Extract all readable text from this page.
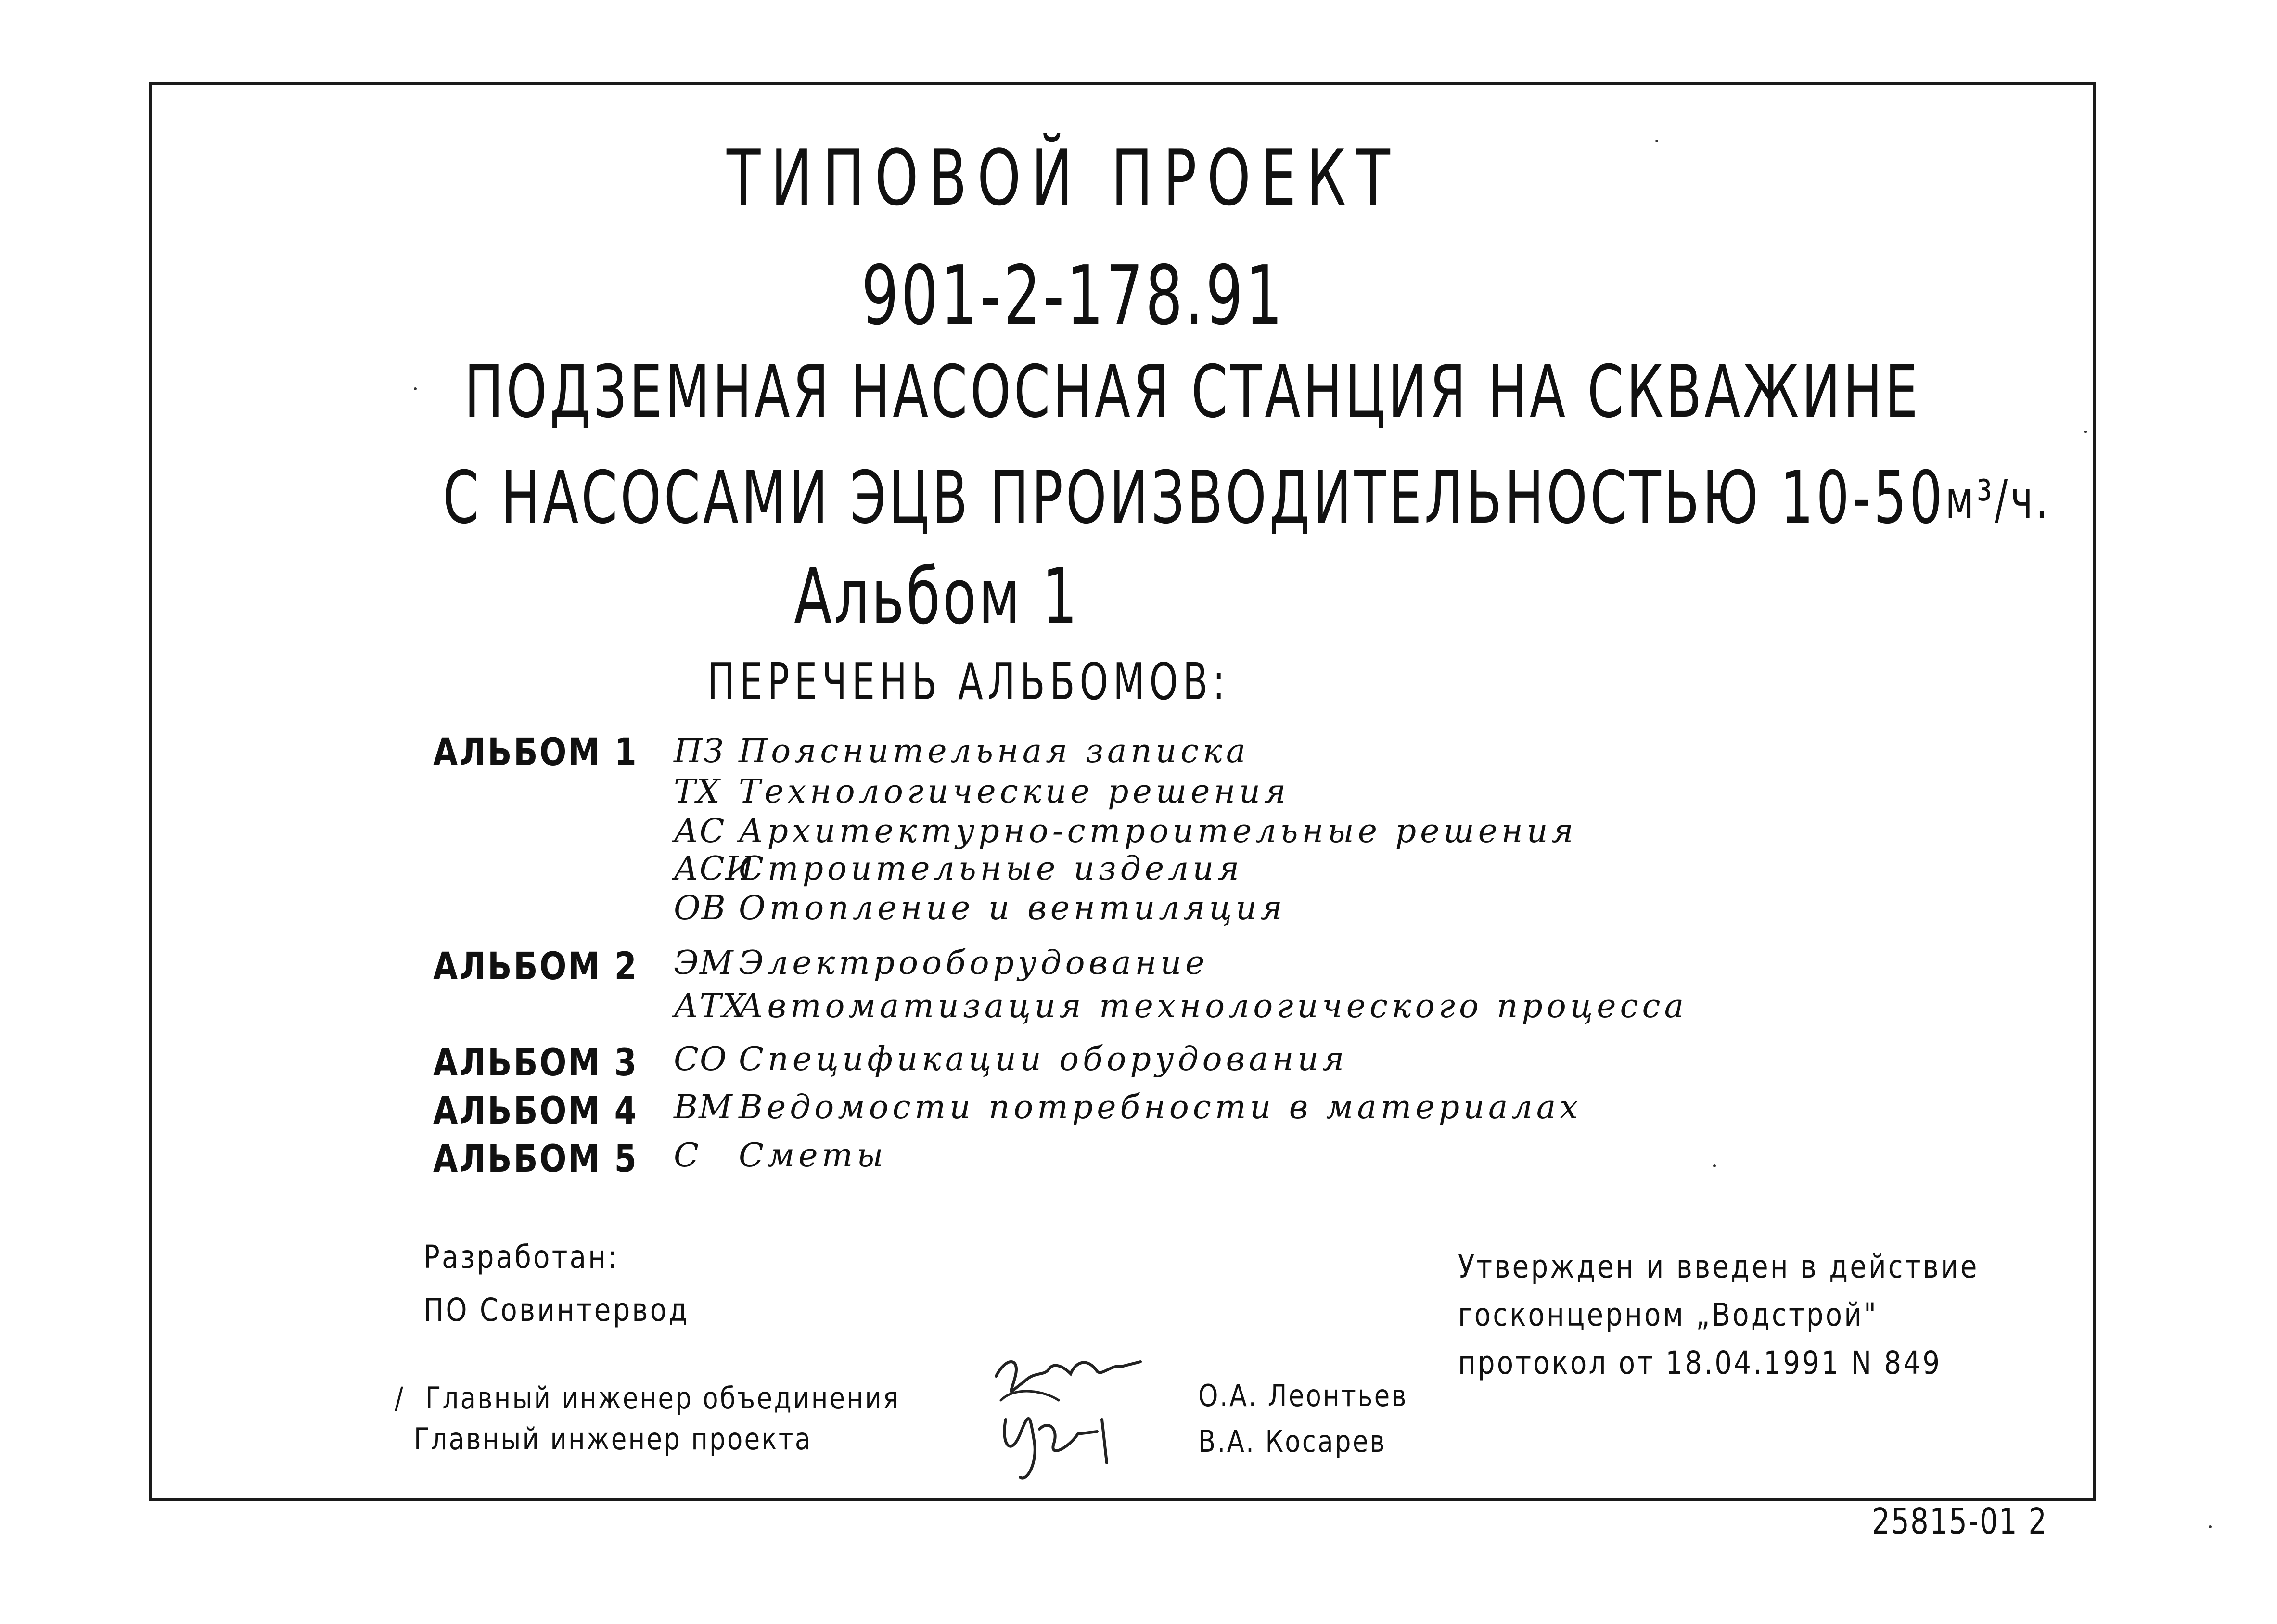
ТИПОВОЙ ПРОЕКТ
901-2-178.91
ПОДЗЕМНАЯ НАСОСНАЯ СТАНЦИЯ НА СКВАЖИНЕ
С НАСОСАМИ ЭЦВ ПРОИЗВОДИТЕЛЬНОСТЬЮ 10-50м³/ч.
Альбом 1
ПЕРЕЧЕНЬ АЛЬБОМОВ:
АЛЬБОМ 1 ПЗ Пояснительная записка
ТХ Технологические решения
АС Архитектурно-строительные решения
АСИСтроительные изделия
ОВ Отопление и вентиляция
АЛЬБОМ 2 ЭМ Электрооборудование
АТХАвтоматизация технологического процесса
АЛЬБОМ 3 СО Спецификации оборудования
АЛЬБОМ 4 ВМ Ведомости потребности в материалах
АЛЬБОМ 5 С Сметы
Разработан:
ПО Совинтервод
Утвержден и введен в действие
госконцерном „Водстрой"
протокол от 18.04.1991 N 849
/ Главный инженер объединения	О.А. Леонтьев
Главный инженер проекта	В.А. Косарев
25815-01 2
